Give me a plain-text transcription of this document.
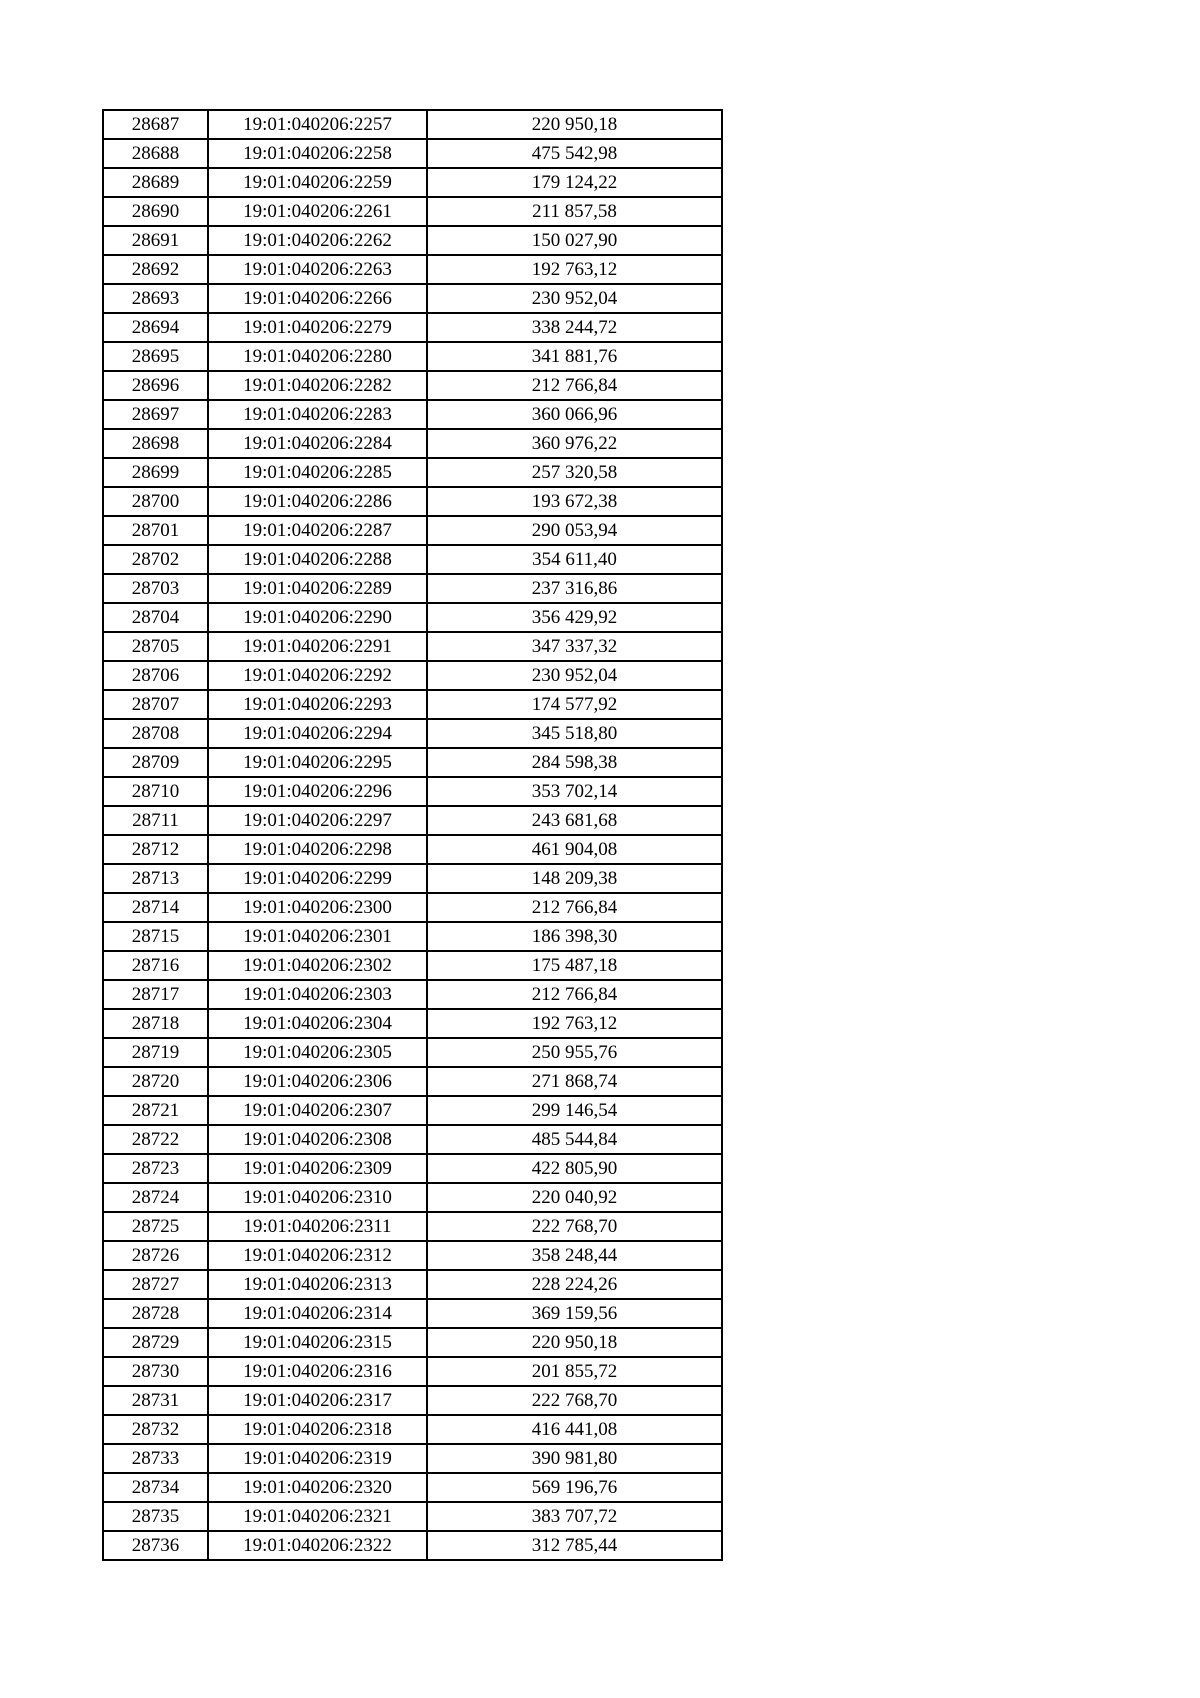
28687	19:01:040206:2257	220 950,18
28688	19:01:040206:2258	475 542,98
28689	19:01:040206:2259	179 124,22
28690	19:01:040206:2261	211 857,58
28691	19:01:040206:2262	150 027,90
28692	19:01:040206:2263	192 763,12
28693	19:01:040206:2266	230 952,04
28694	19:01:040206:2279	338 244,72
28695	19:01:040206:2280	341 881,76
28696	19:01:040206:2282	212 766,84
28697	19:01:040206:2283	360 066,96
28698	19:01:040206:2284	360 976,22
28699	19:01:040206:2285	257 320,58
28700	19:01:040206:2286	193 672,38
28701	19:01:040206:2287	290 053,94
28702	19:01:040206:2288	354 611,40
28703	19:01:040206:2289	237 316,86
28704	19:01:040206:2290	356 429,92
28705	19:01:040206:2291	347 337,32
28706	19:01:040206:2292	230 952,04
28707	19:01:040206:2293	174 577,92
28708	19:01:040206:2294	345 518,80
28709	19:01:040206:2295	284 598,38
28710	19:01:040206:2296	353 702,14
28711	19:01:040206:2297	243 681,68
28712	19:01:040206:2298	461 904,08
28713	19:01:040206:2299	148 209,38
28714	19:01:040206:2300	212 766,84
28715	19:01:040206:2301	186 398,30
28716	19:01:040206:2302	175 487,18
28717	19:01:040206:2303	212 766,84
28718	19:01:040206:2304	192 763,12
28719	19:01:040206:2305	250 955,76
28720	19:01:040206:2306	271 868,74
28721	19:01:040206:2307	299 146,54
28722	19:01:040206:2308	485 544,84
28723	19:01:040206:2309	422 805,90
28724	19:01:040206:2310	220 040,92
28725	19:01:040206:2311	222 768,70
28726	19:01:040206:2312	358 248,44
28727	19:01:040206:2313	228 224,26
28728	19:01:040206:2314	369 159,56
28729	19:01:040206:2315	220 950,18
28730	19:01:040206:2316	201 855,72
28731	19:01:040206:2317	222 768,70
28732	19:01:040206:2318	416 441,08
28733	19:01:040206:2319	390 981,80
28734	19:01:040206:2320	569 196,76
28735	19:01:040206:2321	383 707,72
28736	19:01:040206:2322	312 785,44
